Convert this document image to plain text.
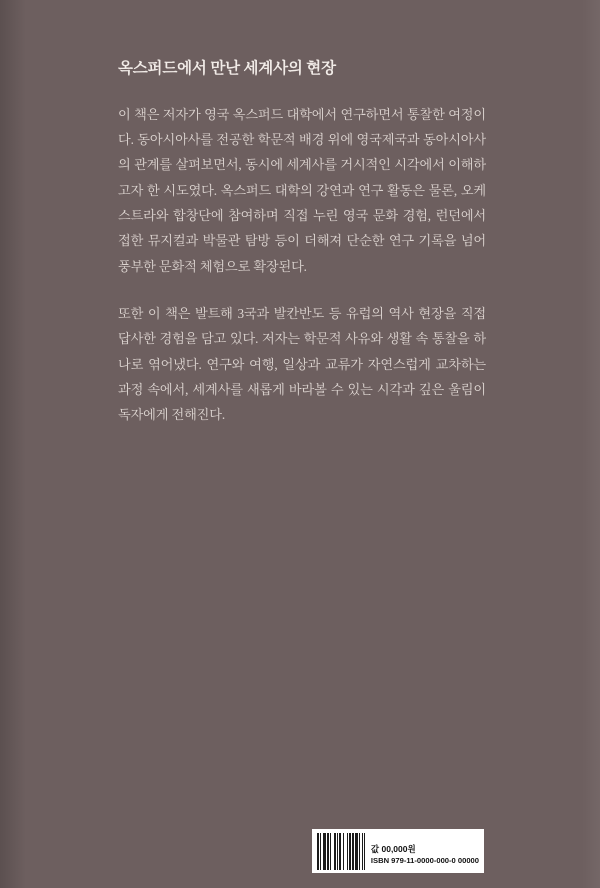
옥스퍼드에서 만난 세계사의 현장

이 책은 저자가 영국 옥스퍼드 대학에서 연구하면서 통찰한 여정이다. 동아시아사를 전공한 학문적 배경 위에 영국제국과 동아시아사의 관계를 살펴보면서, 동시에 세계사를 거시적인 시각에서 이해하고자 한 시도였다. 옥스퍼드 대학의 강연과 연구 활동은 물론, 오케스트라와 합창단에 참여하며 직접 누린 영국 문화 경험, 런던에서 접한 뮤지컬과 박물관 탐방 등이 더해져 단순한 연구 기록을 넘어 풍부한 문화적 체험으로 확장된다.

또한 이 책은 발트해 3국과 발칸반도 등 유럽의 역사 현장을 직접 답사한 경험을 담고 있다. 저자는 학문적 사유와 생활 속 통찰을 하나로 엮어냈다. 연구와 여행, 일상과 교류가 자연스럽게 교차하는 과정 속에서, 세계사를 새롭게 바라볼 수 있는 시각과 깊은 울림이 독자에게 전해진다.

값 00,000원
ISBN 979-11-0000-000-0 00000
